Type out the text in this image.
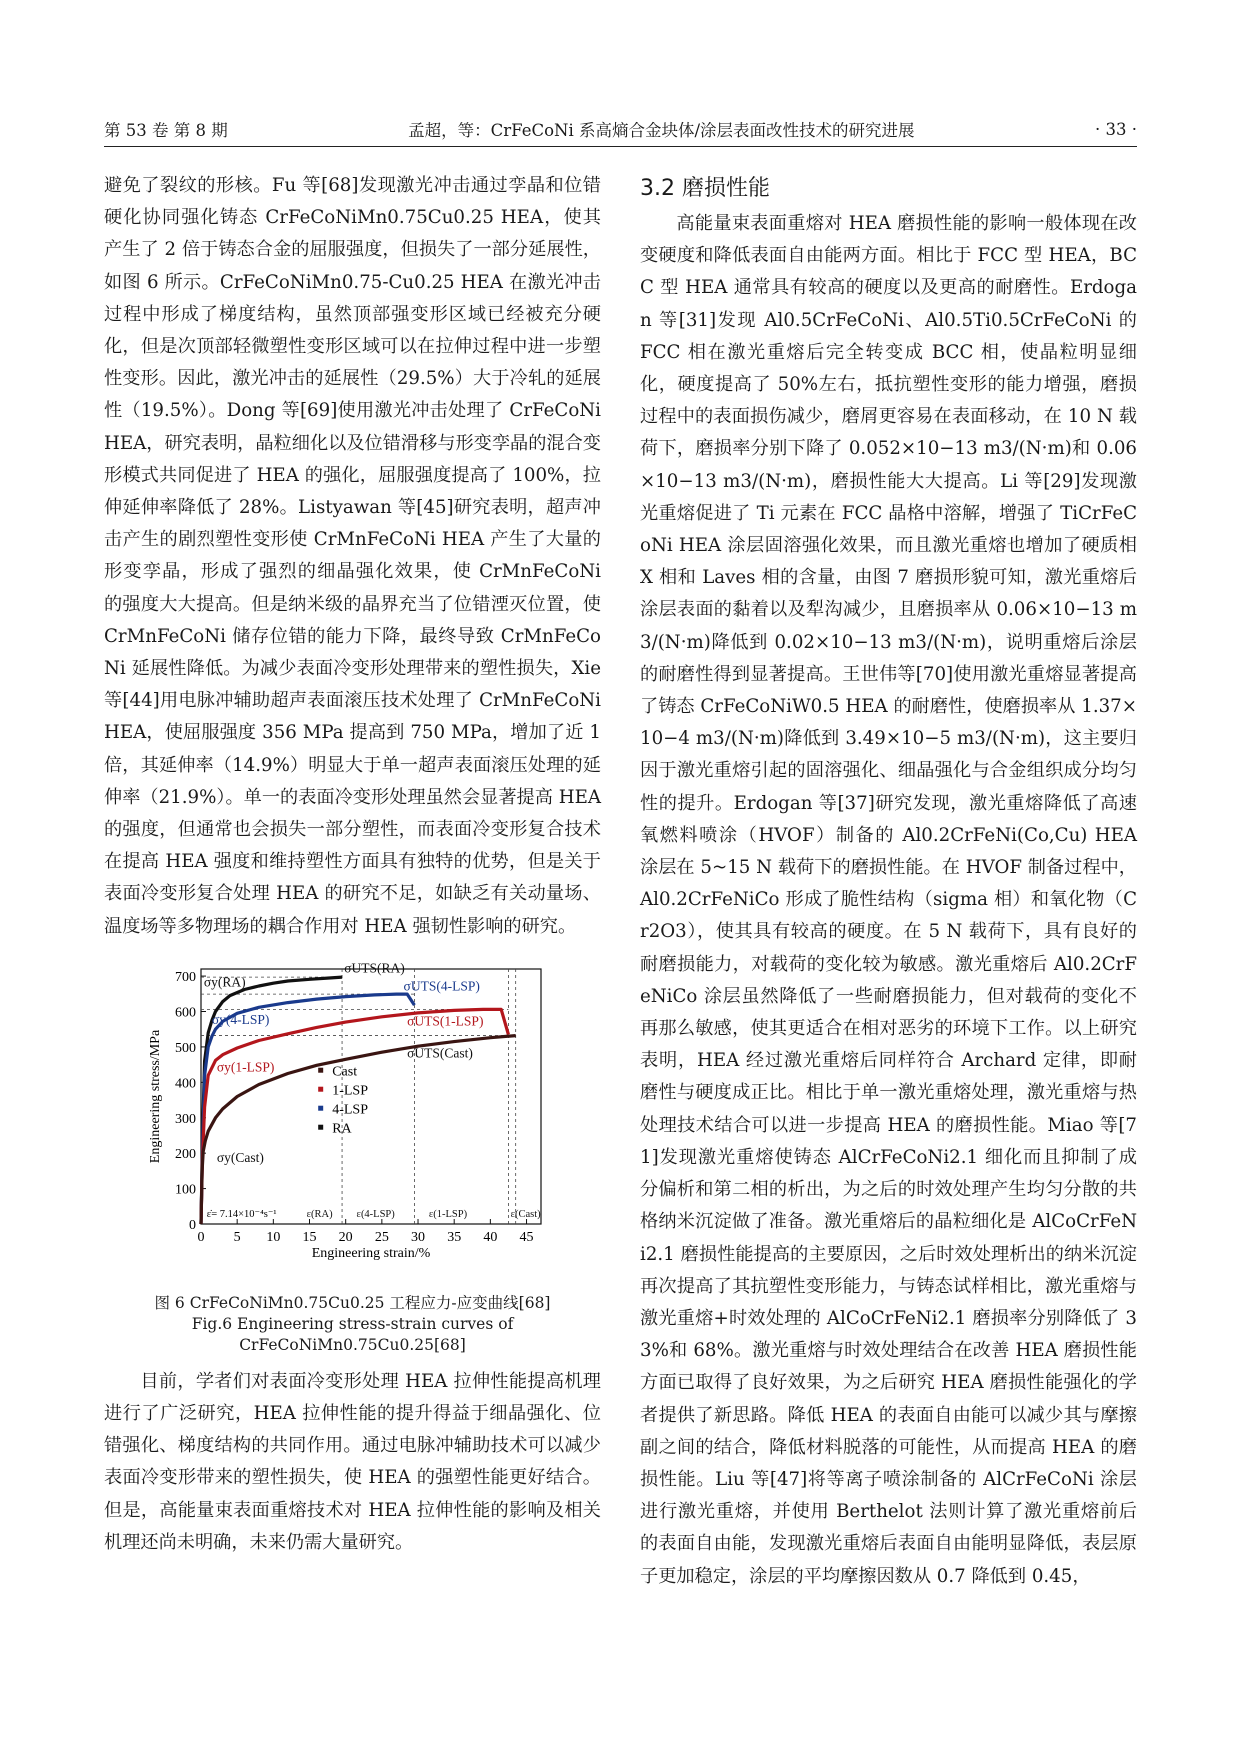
第 53 卷 第 8 期	孟超，等：CrFeCoNi 系高熵合金块体/涂层表面改性技术的研究进展	· 33 ·

避免了裂纹的形核。Fu 等[68]发现激光冲击通过孪晶和位错硬化协同强化铸态 CrFeCoNiMn0.75Cu0.25 HEA，使其产生了 2 倍于铸态合金的屈服强度，但损失了一部分延展性，如图 6 所示。CrFeCoNiMn0.75-Cu0.25 HEA 在激光冲击过程中形成了梯度结构，虽然顶部强变形区域已经被充分硬化，但是次顶部轻微塑性变形区域可以在拉伸过程中进一步塑性变形。因此，激光冲击的延展性（29.5%）大于冷轧的延展性（19.5%）。Dong 等[69]使用激光冲击处理了 CrFeCoNi HEA，研究表明，晶粒细化以及位错滑移与形变孪晶的混合变形模式共同促进了 HEA 的强化，屈服强度提高了 100%，拉伸延伸率降低了 28%。Listyawan 等[45]研究表明，超声冲击产生的剧烈塑性变形使 CrMnFeCoNi HEA 产生了大量的形变孪晶，形成了强烈的细晶强化效果，使 CrMnFeCoNi 的强度大大提高。但是纳米级的晶界充当了位错湮灭位置，使 CrMnFeCoNi 储存位错的能力下降，最终导致 CrMnFeCoNi 延展性降低。为减少表面冷变形处理带来的塑性损失，Xie 等[44]用电脉冲辅助超声表面滚压技术处理了 CrMnFeCoNi HEA，使屈服强度 356 MPa 提高到 750 MPa，增加了近 1 倍，其延伸率（14.9%）明显大于单一超声表面滚压处理的延伸率（21.9%）。单一的表面冷变形处理虽然会显著提高 HEA 的强度，但通常也会损失一部分塑性，而表面冷变形复合技术在提高 HEA 强度和维持塑性方面具有独特的优势，但是关于表面冷变形复合处理 HEA 的研究不足，如缺乏有关动量场、温度场等多物理场的耦合作用对 HEA 强韧性影响的研究。

0 5 10 15 20 25 30 35 40 45
0
100
200
300
400
500
600
700
Engineering strain/%
Engineering stress/MPa	Cast
1-LSP
4-LSP
RA
σy(RA)
σUTS(RA)
σy(4-LSP)
σUTS(4-LSP)
σy(1-LSP)
σUTS(1-LSP)
σUTS(Cast)
σy(Cast)
ε(RA) ε(4-LSP)	ε(1-LSP)	ε(Cast)
ε̇= 7.14×10⁻⁴s⁻¹
图 6 CrFeCoNiMn0.75Cu0.25 工程应力-应变曲线[68]
Fig.6 Engineering stress-strain curves of
CrFeCoNiMn0.75Cu0.25[68]

目前，学者们对表面冷变形处理 HEA 拉伸性能提高机理进行了广泛研究，HEA 拉伸性能的提升得益于细晶强化、位错强化、梯度结构的共同作用。通过电脉冲辅助技术可以减少表面冷变形带来的塑性损失，使 HEA 的强塑性能更好结合。但是，高能量束表面重熔技术对 HEA 拉伸性能的影响及相关机理还尚未明确，未来仍需大量研究。

3.2 磨损性能

高能量束表面重熔对 HEA 磨损性能的影响一般体现在改变硬度和降低表面自由能两方面。相比于 FCC 型 HEA，BCC 型 HEA 通常具有较高的硬度以及更高的耐磨性。Erdogan 等[31]发现 Al0.5CrFeCoNi、Al0.5Ti0.5CrFeCoNi 的 FCC 相在激光重熔后完全转变成 BCC 相，使晶粒明显细化，硬度提高了 50%左右，抵抗塑性变形的能力增强，磨损过程中的表面损伤减少，磨屑更容易在表面移动，在 10 N 载荷下，磨损率分别下降了 0.052×10−13 m3/(N·m)和 0.06×10−13 m3/(N·m)，磨损性能大大提高。Li 等[29]发现激光重熔促进了 Ti 元素在 FCC 晶格中溶解，增强了 TiCrFeCoNi HEA 涂层固溶强化效果，而且激光重熔也增加了硬质相 X 相和 Laves 相的含量，由图 7 磨损形貌可知，激光重熔后涂层表面的黏着以及犁沟减少，且磨损率从 0.06×10−13 m3/(N·m)降低到 0.02×10−13 m3/(N·m)，说明重熔后涂层的耐磨性得到显著提高。王世伟等[70]使用激光重熔显著提高了铸态 CrFeCoNiW0.5 HEA 的耐磨性，使磨损率从 1.37×10−4 m3/(N·m)降低到 3.49×10−5 m3/(N·m)，这主要归因于激光重熔引起的固溶强化、细晶强化与合金组织成分均匀性的提升。Erdogan 等[37]研究发现，激光重熔降低了高速氧燃料喷涂（HVOF）制备的 Al0.2CrFeNi(Co,Cu) HEA 涂层在 5~15 N 载荷下的磨损性能。在 HVOF 制备过程中，Al0.2CrFeNiCo 形成了脆性结构（sigma 相）和氧化物（Cr2O3），使其具有较高的硬度。在 5 N 载荷下，具有良好的耐磨损能力，对载荷的变化较为敏感。激光重熔后 Al0.2CrFeNiCo 涂层虽然降低了一些耐磨损能力，但对载荷的变化不再那么敏感，使其更适合在相对恶劣的环境下工作。以上研究表明，HEA 经过激光重熔后同样符合 Archard 定律，即耐磨性与硬度成正比。相比于单一激光重熔处理，激光重熔与热处理技术结合可以进一步提高 HEA 的磨损性能。Miao 等[71]发现激光重熔使铸态 AlCrFeCoNi2.1 细化而且抑制了成分偏析和第二相的析出，为之后的时效处理产生均匀分散的共格纳米沉淀做了准备。激光重熔后的晶粒细化是 AlCoCrFeNi2.1 磨损性能提高的主要原因，之后时效处理析出的纳米沉淀再次提高了其抗塑性变形能力，与铸态试样相比，激光重熔与激光重熔+时效处理的 AlCoCrFeNi2.1 磨损率分别降低了 33%和 68%。激光重熔与时效处理结合在改善 HEA 磨损性能方面已取得了良好效果，为之后研究 HEA 磨损性能强化的学者提供了新思路。降低 HEA 的表面自由能可以减少其与摩擦副之间的结合，降低材料脱落的可能性，从而提高 HEA 的磨损性能。Liu 等[47]将等离子喷涂制备的 AlCrFeCoNi 涂层进行激光重熔，并使用 Berthelot 法则计算了激光重熔前后的表面自由能，发现激光重熔后表面自由能明显降低，表层原子更加稳定，涂层的平均摩擦因数从 0.7 降低到 0.45，
